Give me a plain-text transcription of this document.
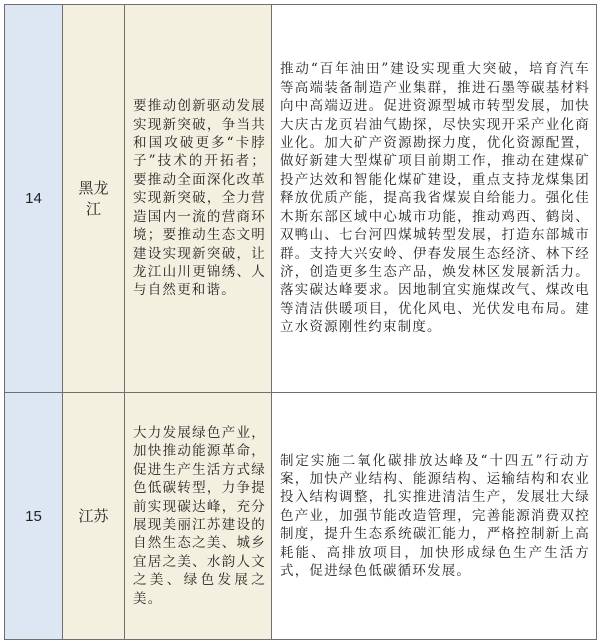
14	黑龙江	要推动创新驱动发展实现新突破，争当共和国攻破更多“卡脖子”技术的开拓者；要推动全面深化改革实现新突破，全力营造国内一流的营商环境；要推动生态文明建设实现新突破，让龙江山川更锦绣、人与自然更和谐。	推动“百年油田”建设实现重大突破，培育汽车等高端装备制造产业集群，推进石墨等碳基材料向中高端迈进。促进资源型城市转型发展，加快大庆古龙页岩油气勘探，尽快实现开采产业化商业化。加大矿产资源勘探力度，优化资源配置，做好新建大型煤矿项目前期工作，推动在建煤矿投产达效和智能化煤矿建设，重点支持龙煤集团释放优质产能，提高我省煤炭自给能力。强化佳木斯东部区域中心城市功能，推动鸡西、鹤岗、双鸭山、七台河四煤城转型发展，打造东部城市群。支持大兴安岭、伊春发展生态经济、林下经济，创造更多生态产品，焕发林区发展新活力。落实碳达峰要求。因地制宜实施煤改气、煤改电等清洁供暖项目，优化风电、光伏发电布局。建立水资源刚性约束制度。

15	江苏	大力发展绿色产业，加快推动能源革命，促进生产生活方式绿色低碳转型，力争提前实现碳达峰，充分展现美丽江苏建设的自然生态之美、城乡宜居之美、水韵人文之美、绿色发展之美。	制定实施二氧化碳排放达峰及“十四五”行动方案，加快产业结构、能源结构、运输结构和农业投入结构调整，扎实推进清洁生产，发展壮大绿色产业，加强节能改造管理，完善能源消费双控制度，提升生态系统碳汇能力，严格控制新上高耗能、高排放项目，加快形成绿色生产生活方式，促进绿色低碳循环发展。
